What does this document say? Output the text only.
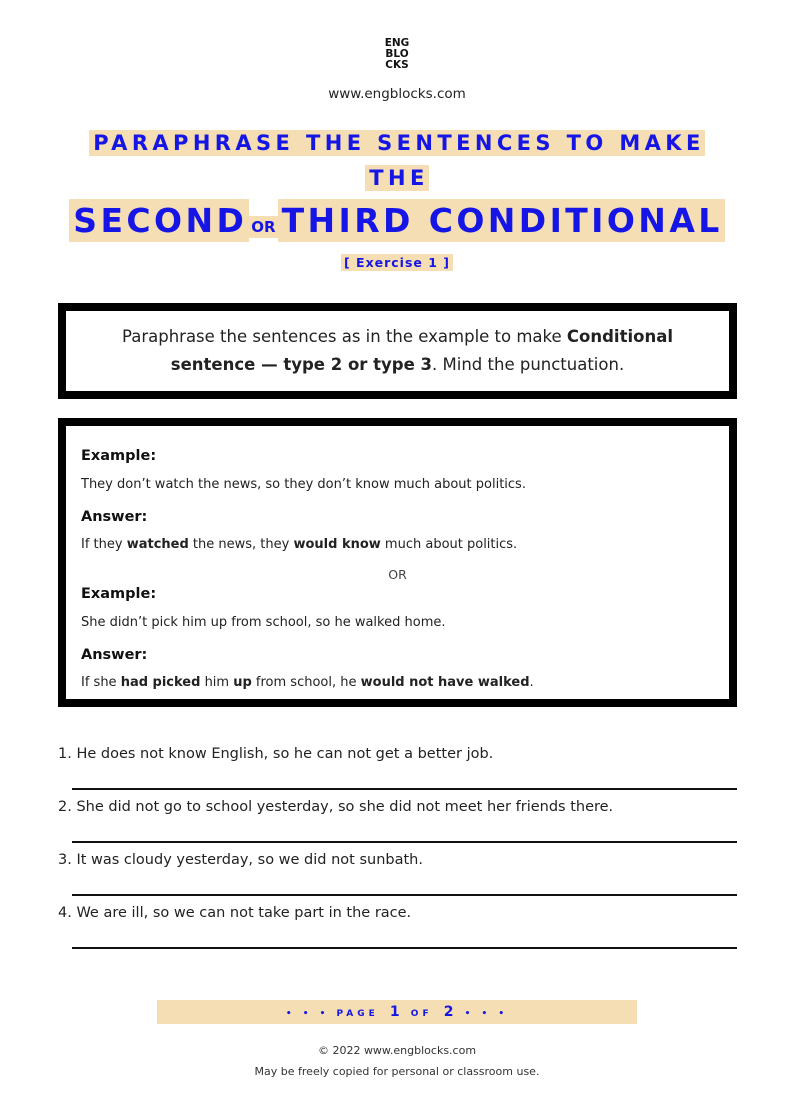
ENG
BLO
CKS
www.engblocks.com
PARAPHRASE THE SENTENCES TO MAKE
THE
SECOND OR THIRD CONDITIONAL
[ Exercise 1 ]

Paraphrase the sentences as in the example to make Conditional sentence — type 2 or type 3. Mind the punctuation.

Example:
They don’t watch the news, so they don’t know much about politics.
Answer:
If they watched the news, they would know much about politics.
OR
Example:
She didn’t pick him up from school, so he walked home.
Answer:
If she had picked him up from school, he would not have walked.
1. He does not know English, so he can not get a better job.
2. She did not go to school yesterday, so she did not meet her friends there.
3. It was cloudy yesterday, so we did not sunbath.
4. We are ill, so we can not take part in the race.
• • • PAGE 1 OF 2 • • •
© 2022 www.engblocks.com
May be freely copied for personal or classroom use.
